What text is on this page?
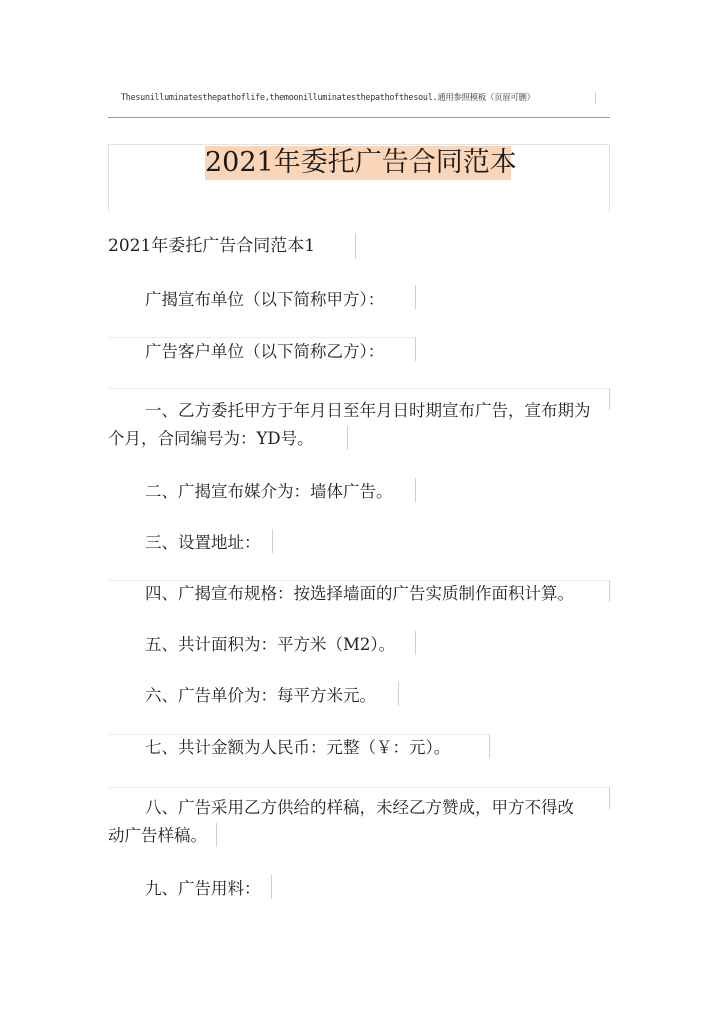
Thesunilluminatesthepathoflife,themoonilluminatesthepathofthesoul.通用参照模板（页眉可删）
2021年委托广告合同范本
2021年委托广告合同范本1
广揭宣布单位（以下简称甲方）：
广告客户单位（以下简称乙方）：
一、乙方委托甲方于年月日至年月日时期宣布广告，宣布期为
个月，合同编号为：YD号。
二、广揭宣布媒介为：墙体广告。
三、设置地址：
四、广揭宣布规格：按选择墙面的广告实质制作面积计算。
五、共计面积为：平方米（M2）。
六、广告单价为：每平方米元。
七、共计金额为人民币：元整（￥：元）。
八、广告采用乙方供给的样稿，未经乙方赞成，甲方不得改
动广告样稿。
九、广告用料：
